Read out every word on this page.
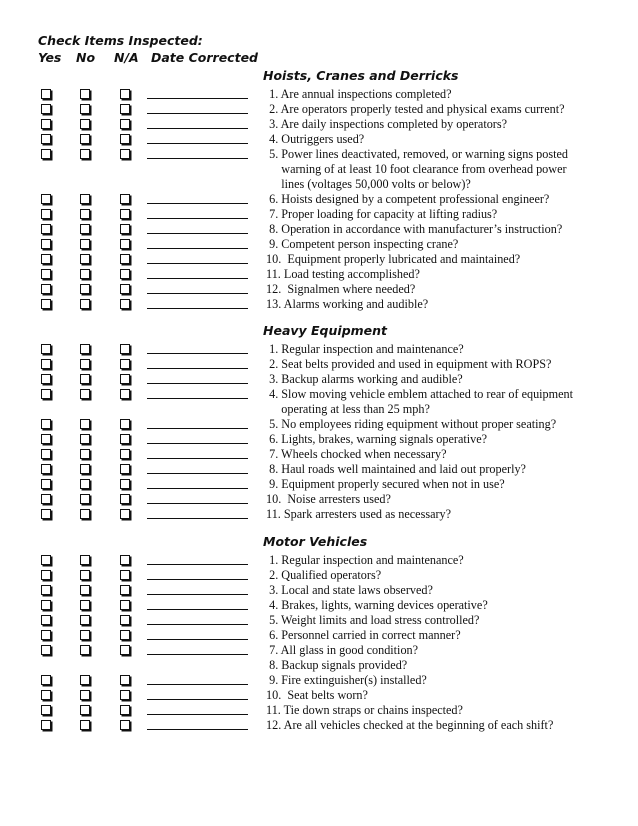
Check Items Inspected:
Yes No N/A Date Corrected
Hoists, Cranes and Derricks
1. Are annual inspections completed?
2. Are operators properly tested and physical exams current?
3. Are daily inspections completed by operators?
4. Outriggers used?
5. Power lines deactivated, removed, or warning signs posted
warning of at least 10 foot clearance from overhead power
lines (voltages 50,000 volts or below)?
6. Hoists designed by a competent professional engineer?
7. Proper loading for capacity at lifting radius?
8. Operation in accordance with manufacturer’s instruction?
9. Competent person inspecting crane?
10.  Equipment properly lubricated and maintained?
11. Load testing accomplished?
12.  Signalmen where needed?
13. Alarms working and audible?
Heavy Equipment
1. Regular inspection and maintenance?
2. Seat belts provided and used in equipment with ROPS?
3. Backup alarms working and audible?
4. Slow moving vehicle emblem attached to rear of equipment
operating at less than 25 mph?
5. No employees riding equipment without proper seating?
6. Lights, brakes, warning signals operative?
7. Wheels chocked when necessary?
8. Haul roads well maintained and laid out properly?
9. Equipment properly secured when not in use?
10.  Noise arresters used?
11. Spark arresters used as necessary?
Motor Vehicles
1. Regular inspection and maintenance?
2. Qualified operators?
3. Local and state laws observed?
4. Brakes, lights, warning devices operative?
5. Weight limits and load stress controlled?
6. Personnel carried in correct manner?
7. All glass in good condition?
8. Backup signals provided?
9. Fire extinguisher(s) installed?
10.  Seat belts worn?
11. Tie down straps or chains inspected?
12. Are all vehicles checked at the beginning of each shift?
